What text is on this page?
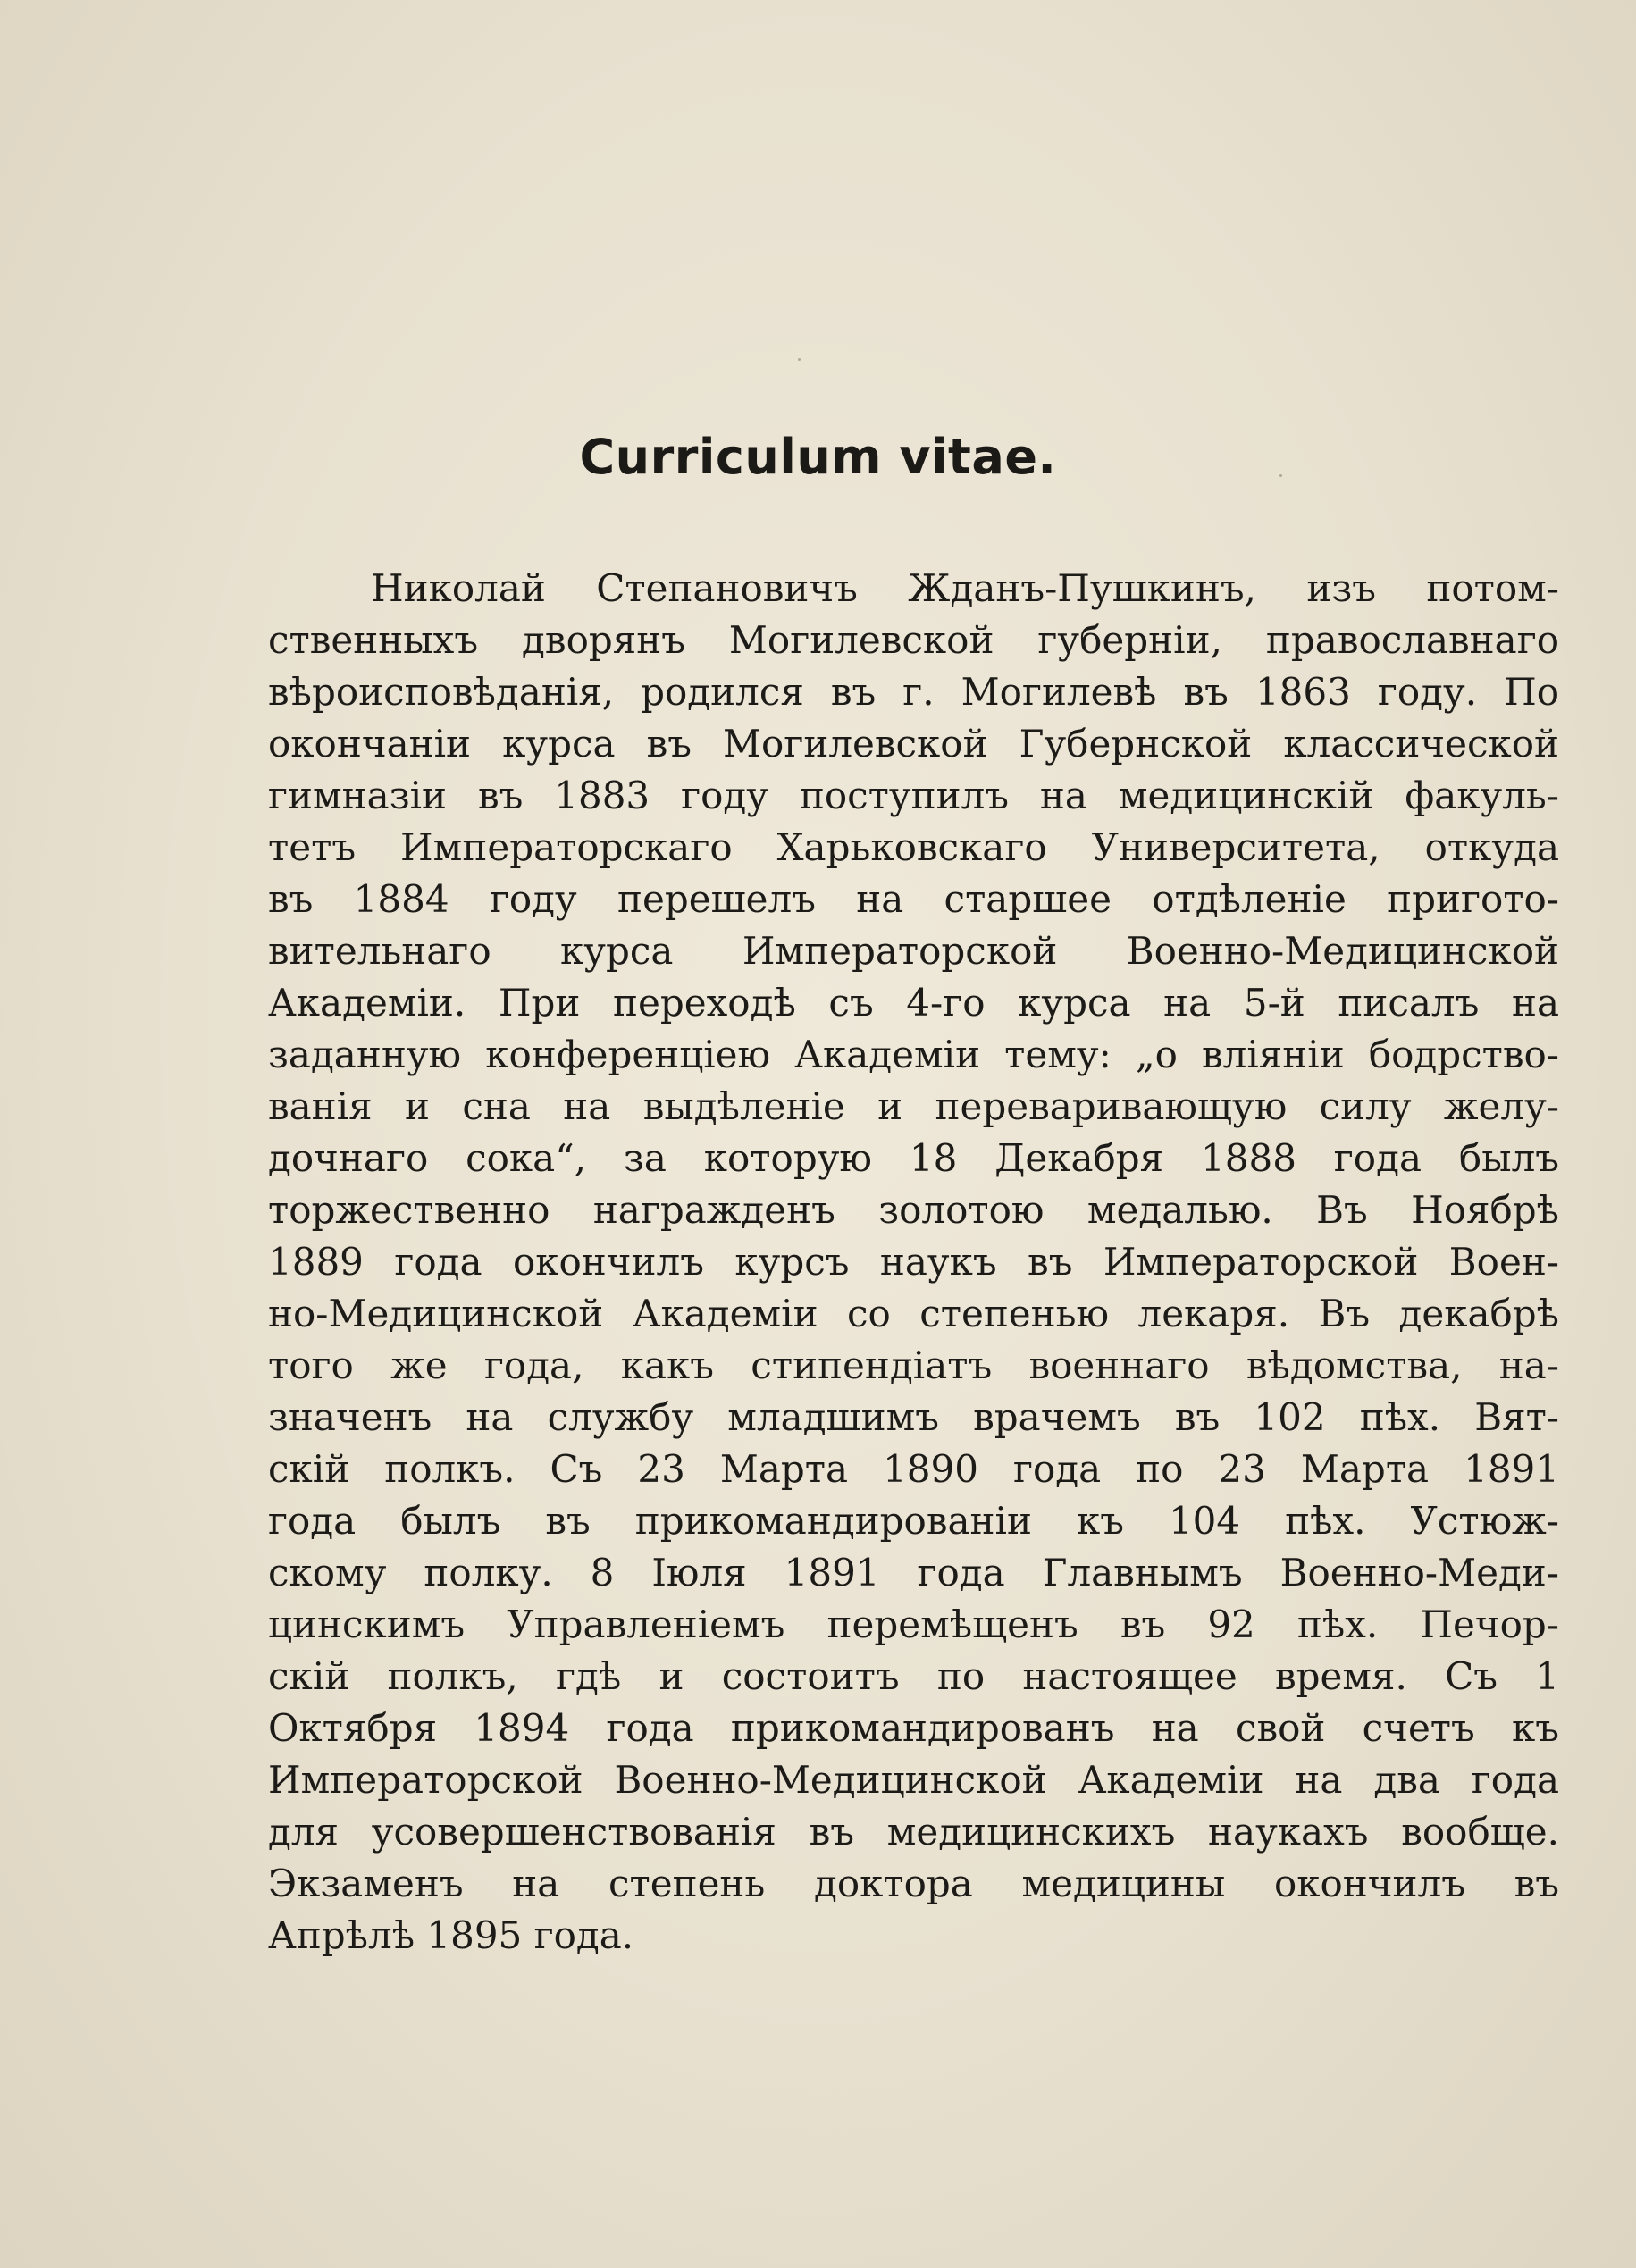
Curriculum vitae.
Николай Степановичъ Жданъ-Пушкинъ, изъ потом-
ственныхъ дворянъ Могилевской губерніи, православнаго
вѣроисповѣданія, родился въ г. Могилевѣ въ 1863 году. По
окончаніи курса въ Могилевской Губернской классической
гимназіи въ 1883 году поступилъ на медицинскій факуль-
тетъ Императорскаго Харьковскаго Университета, откуда
въ 1884 году перешелъ на старшее отдѣленіе пригото-
вительнаго курса Императорской Военно-Медицинской
Академіи. При переходѣ съ 4-го курса на 5-й писалъ на
заданную конференціею Академіи тему: „о вліяніи бодрство-
ванія и сна на выдѣленіе и переваривающую силу желу-
дочнаго сока“, за которую 18 Декабря 1888 года былъ
торжественно награжденъ золотою медалью. Въ Ноябрѣ
1889 года окончилъ курсъ наукъ въ Императорской Воен-
но-Медицинской Академіи со степенью лекаря. Въ декабрѣ
того же года, какъ стипендіатъ военнаго вѣдомства, на-
значенъ на службу младшимъ врачемъ въ 102 пѣх. Вят-
скій полкъ. Съ 23 Марта 1890 года по 23 Марта 1891
года былъ въ прикомандированіи къ 104 пѣх. Устюж-
скому полку. 8 Іюля 1891 года Главнымъ Военно-Меди-
цинскимъ Управленіемъ перемѣщенъ въ 92 пѣх. Печор-
скій полкъ, гдѣ и состоитъ по настоящее время. Съ 1
Октября 1894 года прикомандированъ на свой счетъ къ
Императорской Военно-Медицинской Академіи на два года
для усовершенствованія въ медицинскихъ наукахъ вообще.
Экзаменъ на степень доктора медицины окончилъ въ
Апрѣлѣ 1895 года.
